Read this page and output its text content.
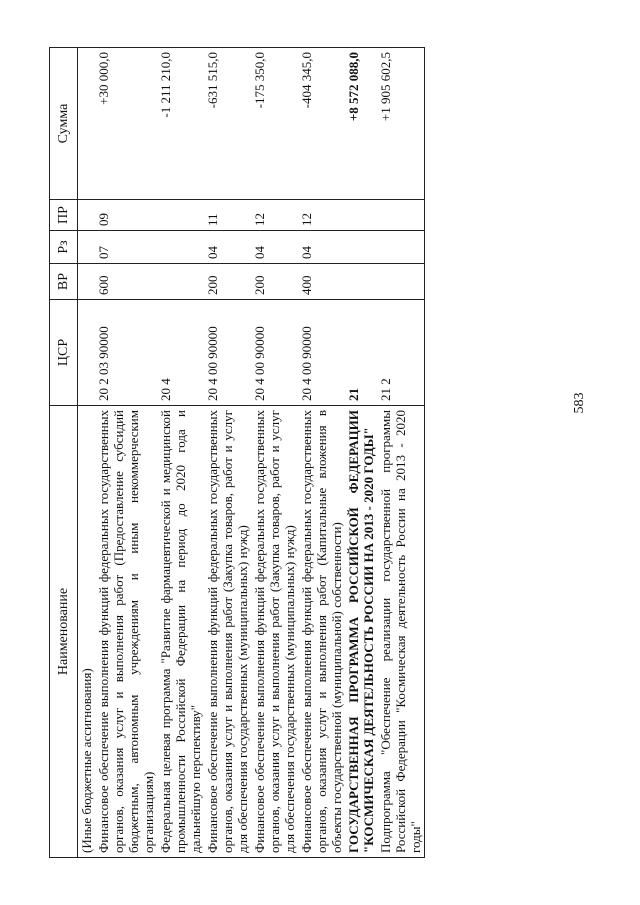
583
Наименование	ЦСР	ВР	Рз	ПР	Сумма
(Иные бюджетные ассигнования)					
Финансовое обеспечение выполнения функций федеральных государственных органов, оказания услуг и выполнения работ (Предоставление субсидий бюджетным, автономным учреждениям и иным некоммерческим организациям)	20 2 03 90000	600	07	09	+30 000,0
Федеральная целевая программа "Развитие фармацевтической и медицинской промышленности Российской Федерации на период до 2020 года и дальнейшую перспективу"	20 4				-1 211 210,0
Финансовое обеспечение выполнения функций федеральных государственных органов, оказания услуг и выполнения работ (Закупка товаров, работ и услуг для обеспечения государственных (муниципальных) нужд)	20 4 00 90000	200	04	11	-631 515,0
Финансовое обеспечение выполнения функций федеральных государственных органов, оказания услуг и выполнения работ (Закупка товаров, работ и услуг для обеспечения государственных (муниципальных) нужд)	20 4 00 90000	200	04	12	-175 350,0
Финансовое обеспечение выполнения функций федеральных государственных органов, оказания услуг и выполнения работ (Капитальные вложения в объекты государственной (муниципальной) собственности)	20 4 00 90000	400	04	12	-404 345,0
ГОСУДАРСТВЕННАЯ ПРОГРАММА РОССИЙСКОЙ ФЕДЕРАЦИИ "КОСМИЧЕСКАЯ ДЕЯТЕЛЬНОСТЬ РОССИИ НА 2013 - 2020 ГОДЫ"	21				+8 572 088,0
Подпрограмма "Обеспечение реализации государственной программы Российской Федерации "Космическая деятельность России на 2013 - 2020 годы"	21 2				+1 905 602,5
